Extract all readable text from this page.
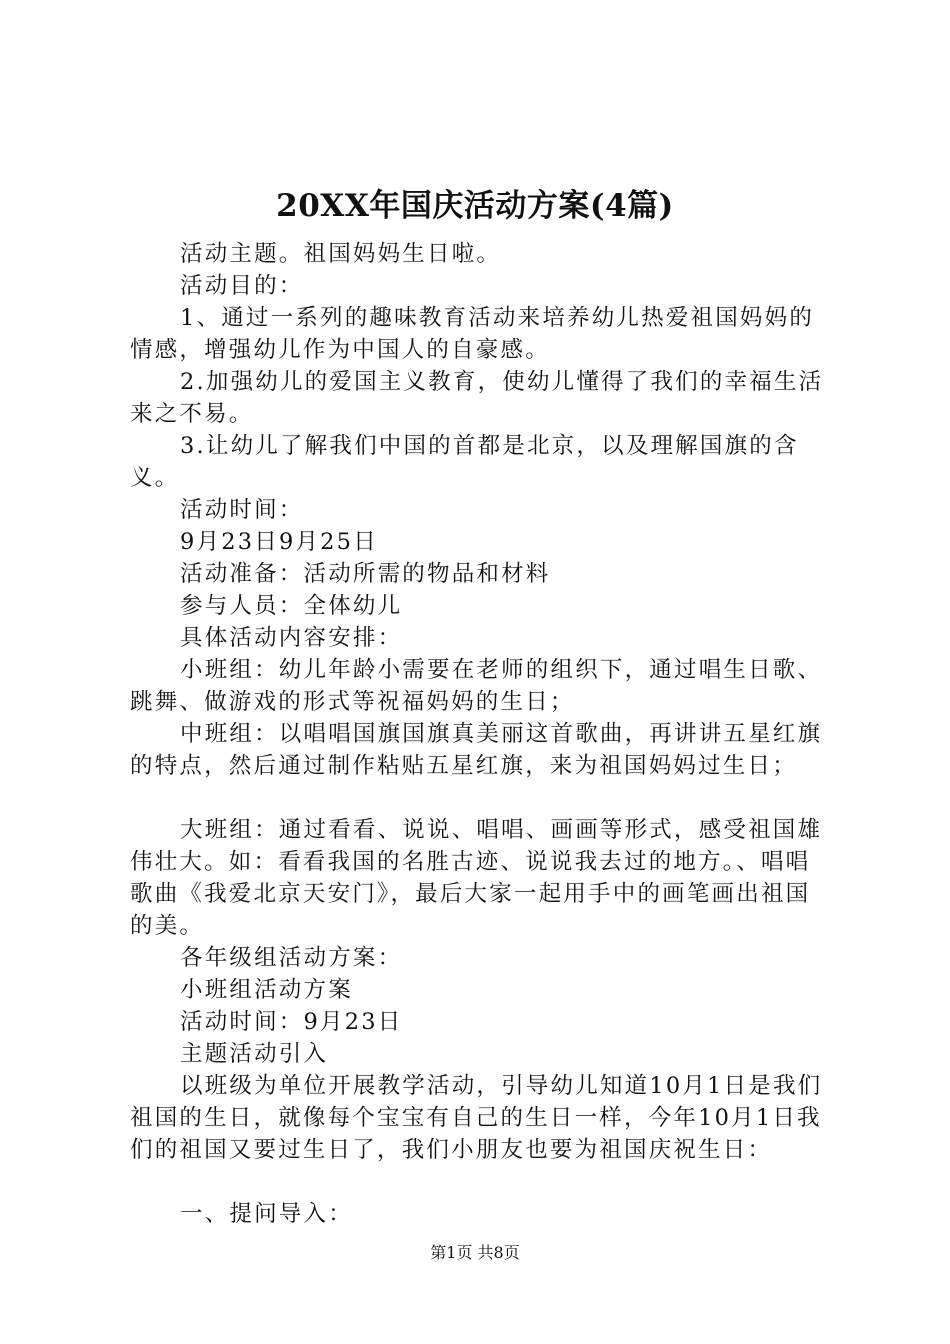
20XX年国庆活动方案(4篇)

活动主题。祖国妈妈生日啦。

活动目的：

1、通过一系列的趣味教育活动来培养幼儿热爱祖国妈妈的情感，增强幼儿作为中国人的自豪感。

2.加强幼儿的爱国主义教育，使幼儿懂得了我们的幸福生活来之不易。

3.让幼儿了解我们中国的首都是北京，以及理解国旗的含义。

活动时间：

9月23日9月25日

活动准备：活动所需的物品和材料

参与人员：全体幼儿

具体活动内容安排：

小班组：幼儿年龄小需要在老师的组织下，通过唱生日歌、跳舞、做游戏的形式等祝福妈妈的生日；

中班组：以唱唱国旗国旗真美丽这首歌曲，再讲讲五星红旗的特点，然后通过制作粘贴五星红旗，来为祖国妈妈过生日；

大班组：通过看看、说说、唱唱、画画等形式，感受祖国雄伟壮大。如：看看我国的名胜古迹、说说我去过的地方。、唱唱歌曲《我爱北京天安门》，最后大家一起用手中的画笔画出祖国的美。

各年级组活动方案：

小班组活动方案

活动时间：9月23日

主题活动引入

以班级为单位开展教学活动，引导幼儿知道10月1日是我们祖国的生日，就像每个宝宝有自己的生日一样，今年10月1日我们的祖国又要过生日了，我们小朋友也要为祖国庆祝生日：

一、提问导入：

第1页 共8页
